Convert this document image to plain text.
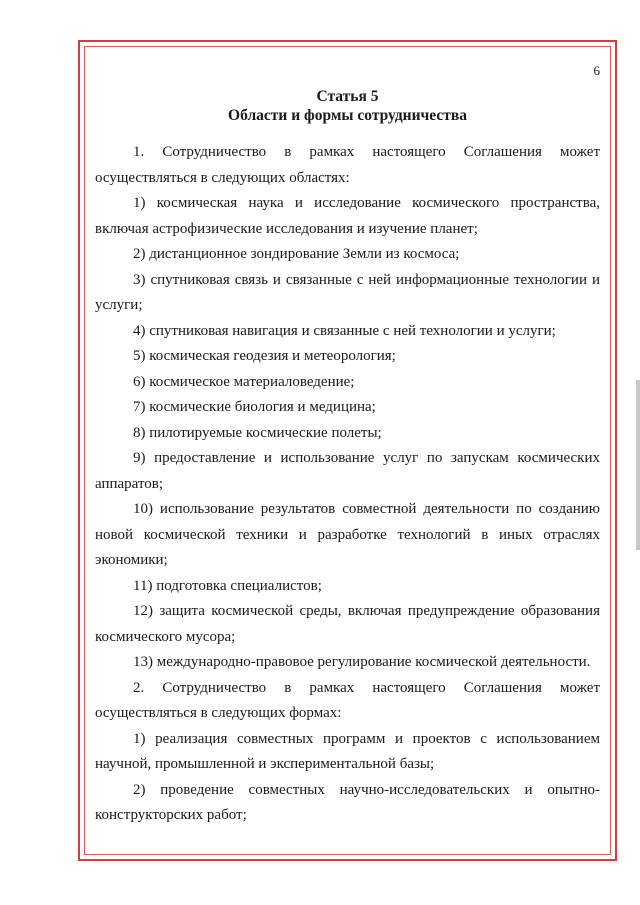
6
Статья 5
Области и формы сотрудничества

1. Сотрудничество в рамках настоящего Соглашения может осуществляться в следующих областях:

1) космическая наука и исследование космического пространства, включая астрофизические исследования и изучение планет;

2) дистанционное зондирование Земли из космоса;

3) спутниковая связь и связанные с ней информационные технологии и услуги;

4) спутниковая навигация и связанные с ней технологии и услуги;

5) космическая геодезия и метеорология;

6) космическое материаловедение;

7) космические биология и медицина;

8) пилотируемые космические полеты;

9) предоставление и использование услуг по запускам космических аппаратов;

10) использование результатов совместной деятельности по созданию новой космической техники и разработке технологий в иных отраслях экономики;

11) подготовка специалистов;

12) защита космической среды, включая предупреждение образования космического мусора;

13) международно-правовое регулирование космической деятельности.

2. Сотрудничество в рамках настоящего Соглашения может осуществляться в следующих формах:

1) реализация совместных программ и проектов с использованием научной, промышленной и экспериментальной базы;

2) проведение совместных научно-исследовательских и опытно-конструкторских работ;
